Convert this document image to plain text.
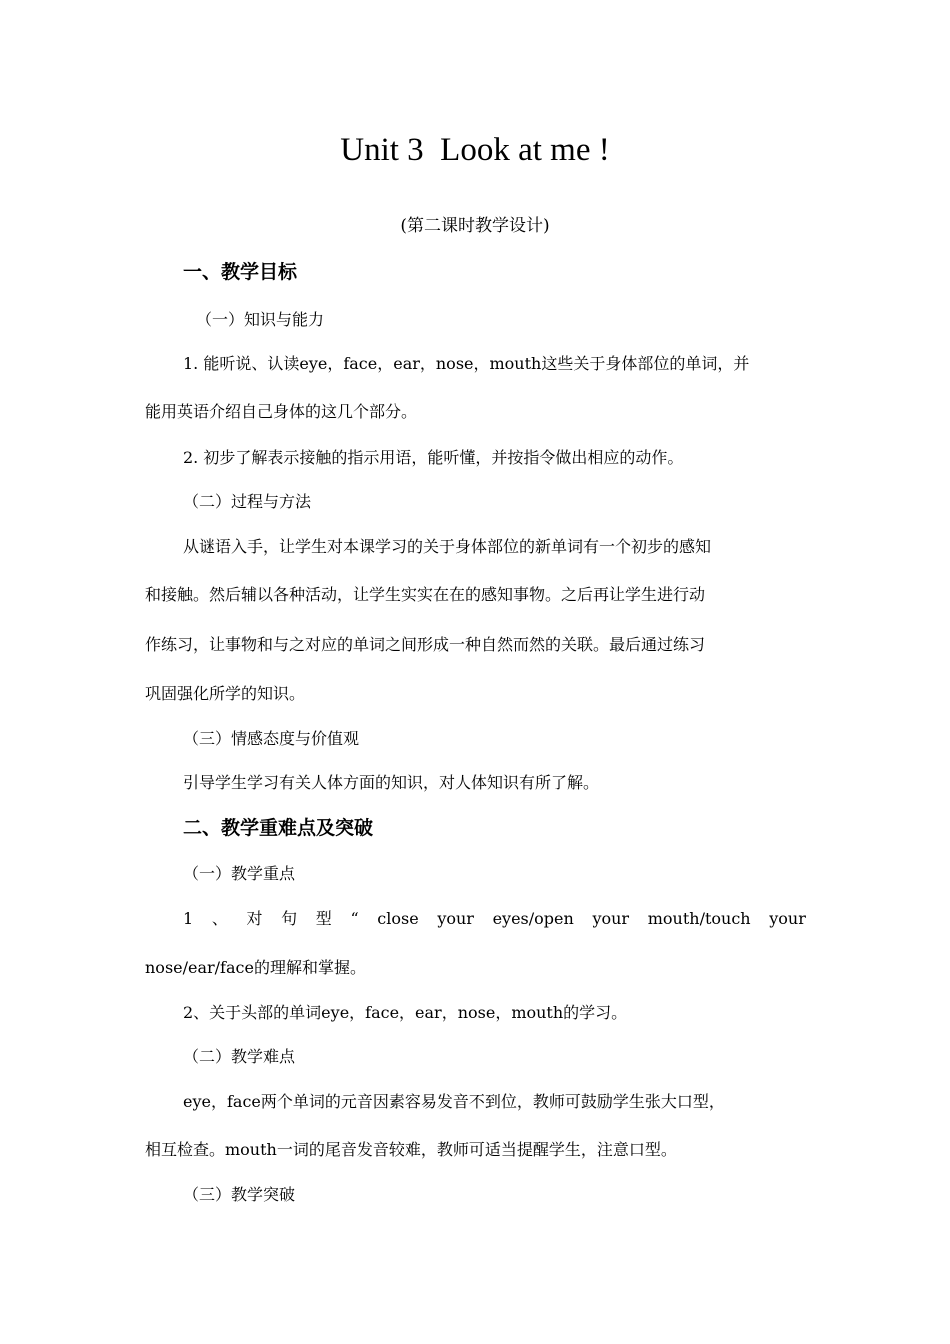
Unit 3  Look at me !
(第二课时教学设计)
一、教学目标
（一）知识与能力
1. 能听说、认读eye，face，ear，nose，mouth这些关于身体部位的单词，并
能用英语介绍自己身体的这几个部分。
2. 初步了解表示接触的指示用语，能听懂，并按指令做出相应的动作。
（二）过程与方法
从谜语入手，让学生对本课学习的关于身体部位的新单词有一个初步的感知
和接触。然后辅以各种活动，让学生实实在在的感知事物。之后再让学生进行动
作练习，让事物和与之对应的单词之间形成一种自然而然的关联。最后通过练习
巩固强化所学的知识。
（三）情感态度与价值观
引导学生学习有关人体方面的知识，对人体知识有所了解。
二、教学重难点及突破
（一）教学重点
1 、 对 句 型 “ close your eyes/open your mouth/touch your
nose/ear/face的理解和掌握。
2、关于头部的单词eye，face，ear，nose，mouth的学习。
（二）教学难点
eye，face两个单词的元音因素容易发音不到位，教师可鼓励学生张大口型，
相互检查。mouth一词的尾音发音较难，教师可适当提醒学生，注意口型。
（三）教学突破
